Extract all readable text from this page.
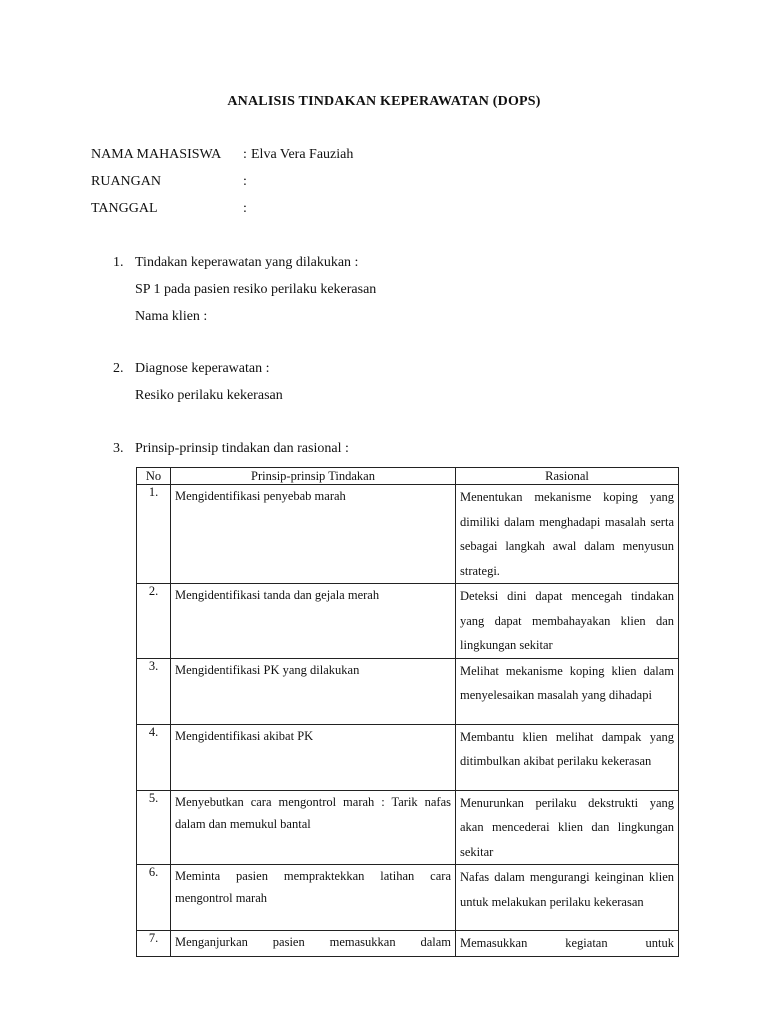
ANALISIS TINDAKAN KEPERAWATAN (DOPS)
NAMA MAHASISWA : Elva Vera Fauziah
RUANGAN	:
TANGGAL	:
1. Tindakan keperawatan yang dilakukan :
SP 1 pada pasien resiko perilaku kekerasan
Nama klien :
2. Diagnose keperawatan :
Resiko perilaku kekerasan
3. Prinsip-prinsip tindakan dan rasional :
No	Prinsip-prinsip Tindakan	Rasional
1.	Mengidentifikasi penyebab marah	Menentukan mekanisme koping yang dimiliki dalam menghadapi masalah serta sebagai langkah awal dalam menyusun strategi.
2.	Mengidentifikasi tanda dan gejala merah	Deteksi dini dapat mencegah tindakan yang dapat membahayakan klien dan lingkungan sekitar
3.	Mengidentifikasi PK yang dilakukan	Melihat mekanisme koping klien dalam menyelesaikan masalah yang dihadapi
4.	Mengidentifikasi akibat PK	Membantu klien melihat dampak yang ditimbulkan akibat perilaku kekerasan
5.	Menyebutkan cara mengontrol marah : Tarik nafas dalam dan memukul bantal	Menurunkan perilaku dekstrukti yang akan mencederai klien dan lingkungan sekitar
6.	Meminta pasien mempraktekkan latihan cara mengontrol marah	Nafas dalam mengurangi keinginan klien untuk melakukan perilaku kekerasan
7.	Menganjurkan pasien memasukkan dalam	Memasukkan kegiatan untuk
